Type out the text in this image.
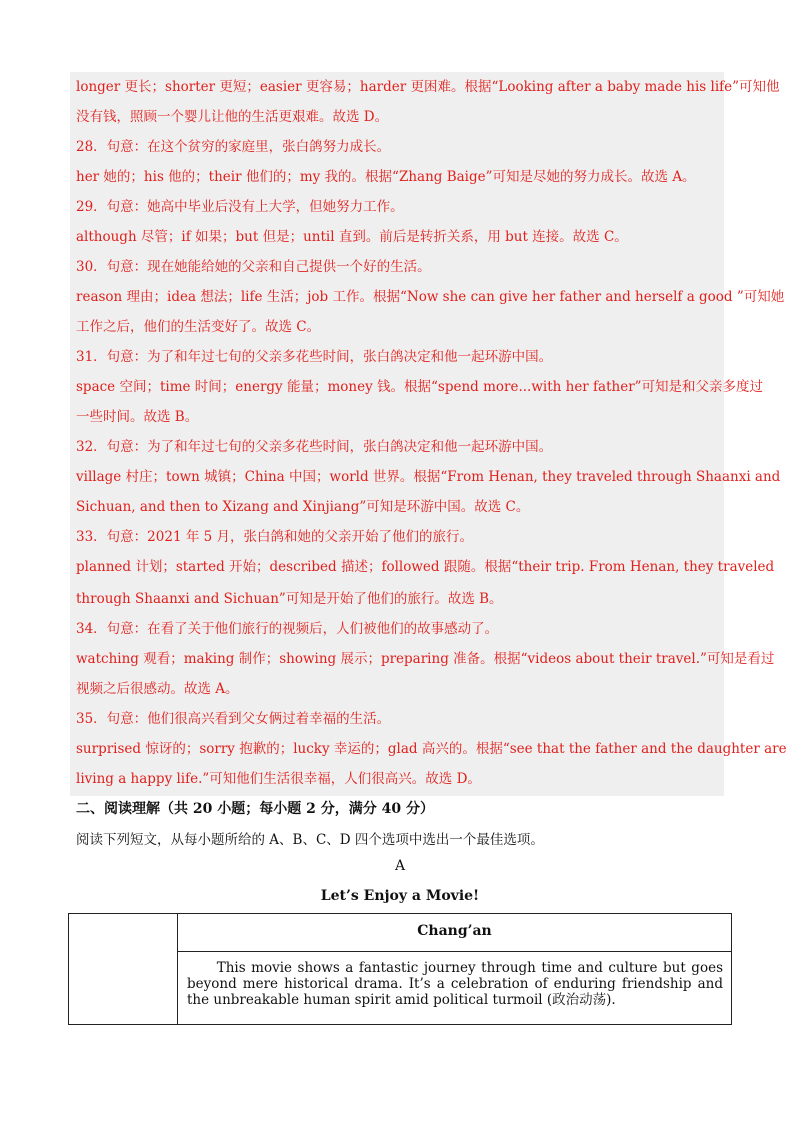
longer 更长；shorter 更短；easier 更容易；harder 更困难。根据“Looking after a baby made his life”可知他
没有钱，照顾一个婴儿让他的生活更艰难。故选 D。
28．句意：在这个贫穷的家庭里，张白鸽努力成长。
her 她的；his 他的；their 他们的；my 我的。根据“Zhang Baige”可知是尽她的努力成长。故选 A。
29．句意：她高中毕业后没有上大学，但她努力工作。
although 尽管；if 如果；but 但是；until 直到。前后是转折关系，用 but 连接。故选 C。
30．句意：现在她能给她的父亲和自己提供一个好的生活。
reason 理由；idea 想法；life 生活；job 工作。根据“Now she can give her father and herself a good ”可知她
工作之后，他们的生活变好了。故选 C。
31．句意：为了和年过七旬的父亲多花些时间，张白鸽决定和他一起环游中国。
space 空间；time 时间；energy 能量；money 钱。根据“spend more...with her father”可知是和父亲多度过
一些时间。故选 B。
32．句意：为了和年过七旬的父亲多花些时间，张白鸽决定和他一起环游中国。
village 村庄；town 城镇；China 中国；world 世界。根据“From Henan, they traveled through Shaanxi and
Sichuan, and then to Xizang and Xinjiang”可知是环游中国。故选 C。
33．句意：2021 年 5 月，张白鸽和她的父亲开始了他们的旅行。
planned 计划；started 开始；described 描述；followed 跟随。根据“their trip. From Henan, they traveled
through Shaanxi and Sichuan”可知是开始了他们的旅行。故选 B。
34．句意：在看了关于他们旅行的视频后，人们被他们的故事感动了。
watching 观看；making 制作；showing 展示；preparing 准备。根据“videos about their travel.”可知是看过
视频之后很感动。故选 A。
35．句意：他们很高兴看到父女俩过着幸福的生活。
surprised 惊讶的；sorry 抱歉的；lucky 幸运的；glad 高兴的。根据“see that the father and the daughter are
living a happy life.”可知他们生活很幸福，人们很高兴。故选 D。
二、阅读理解（共 20 小题；每小题 2 分，满分 40 分）
阅读下列短文，从每小题所给的 A、B、C、D 四个选项中选出一个最佳选项。
A
Let’s Enjoy a Movie!
Chang’an
This movie shows a fantastic journey through time and culture but goes beyond mere historical drama. It’s a celebration of enduring friendship and the unbreakable human spirit amid political turmoil (政治动荡).
